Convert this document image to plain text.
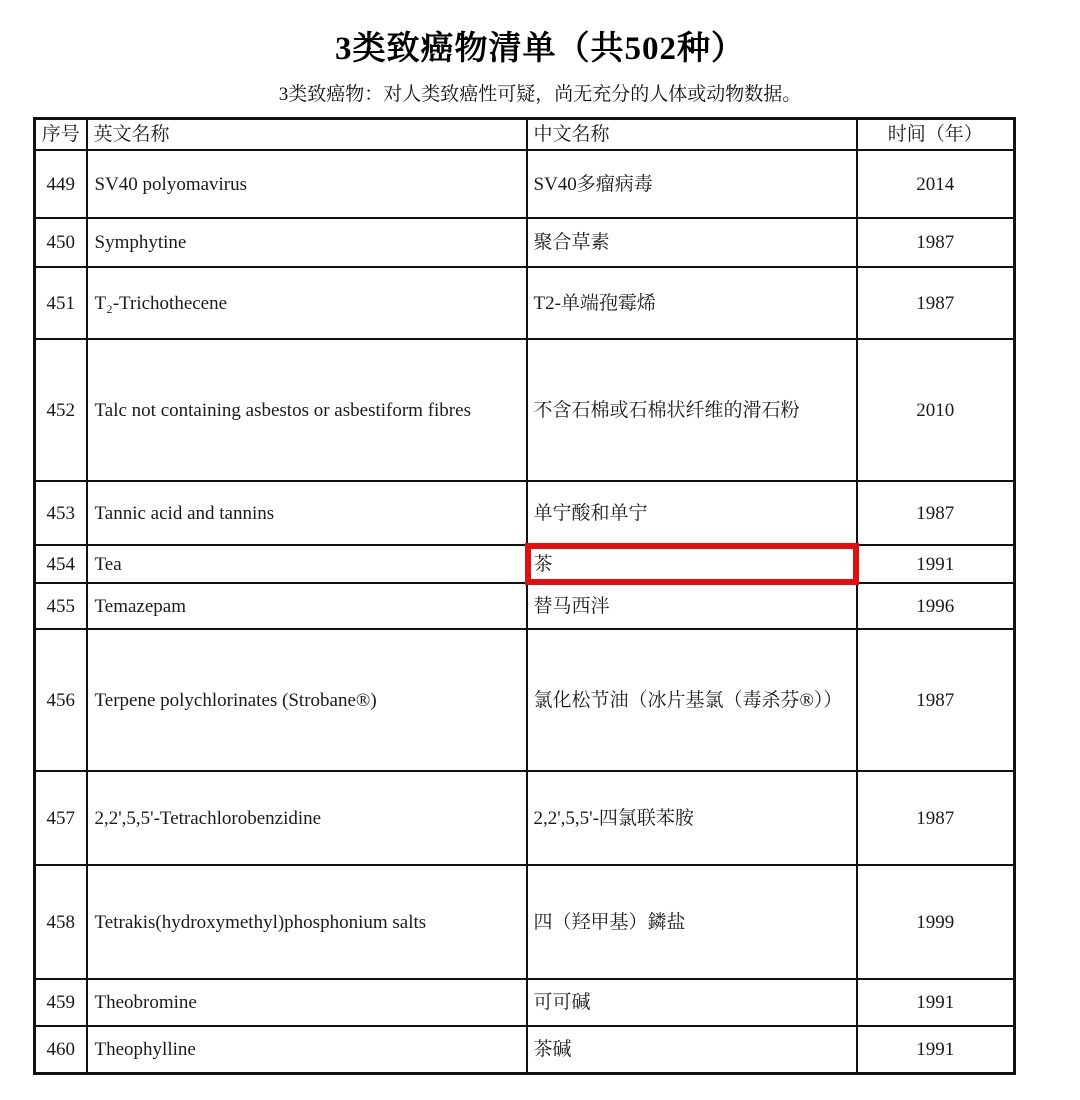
3类致癌物清单（共502种）
3类致癌物：对人类致癌性可疑，尚无充分的人体或动物数据。
序号	英文名称	中文名称	时间（年）
449	SV40 polyomavirus	SV40多瘤病毒	2014
450	Symphytine	聚合草素	1987
451	T₂-Trichothecene	T2-单端孢霉烯	1987
452	Talc not containing asbestos or asbestiform fibres	不含石棉或石棉状纤维的滑石粉	2010
453	Tannic acid and tannins	单宁酸和单宁	1987
454	Tea	茶	1991
455	Temazepam	替马西泮	1996
456	Terpene polychlorinates (Strobane®)	氯化松节油（冰片基氯（毒杀芬®））	1987
457	2,2',5,5'-Tetrachlorobenzidine	2,2',5,5'-四氯联苯胺	1987
458	Tetrakis(hydroxymethyl)phosphonium salts	四（羟甲基）鏻盐	1999
459	Theobromine	可可碱	1991
460	Theophylline	茶碱	1991
